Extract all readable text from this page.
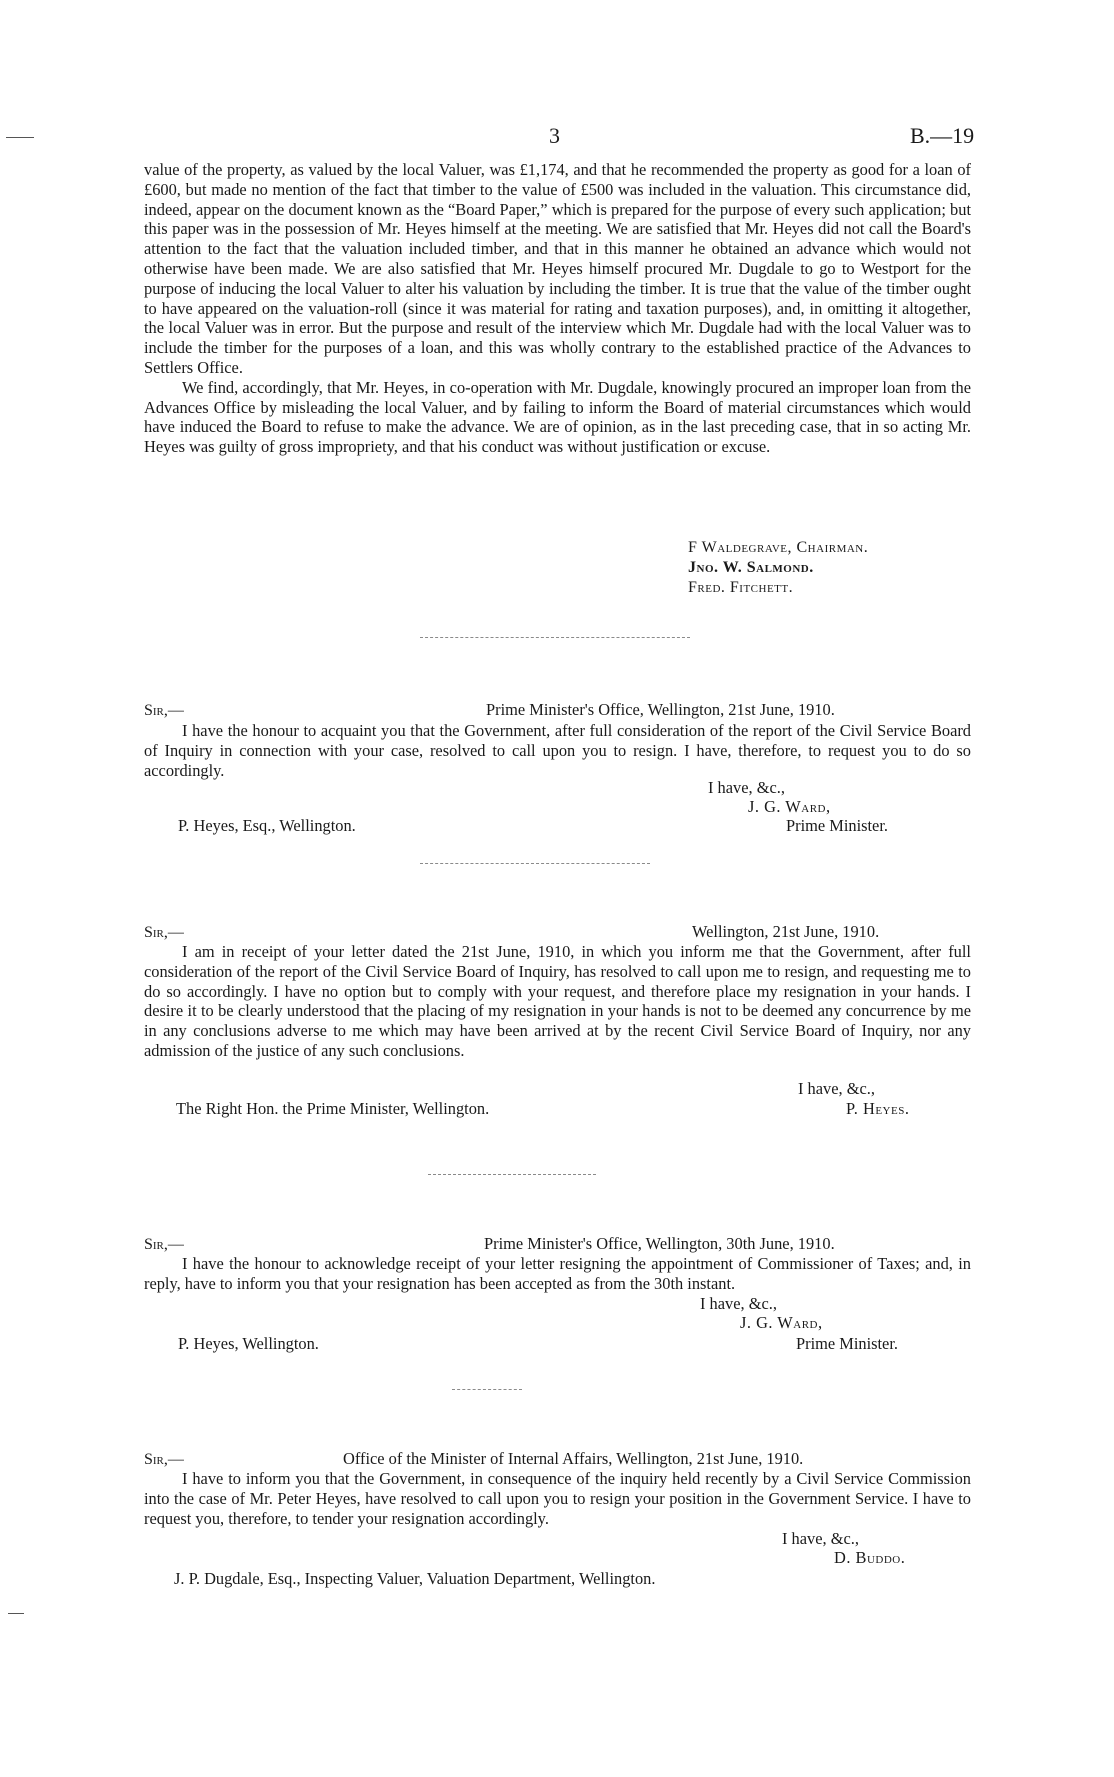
3	B.—19

value of the property, as valued by the local Valuer, was £1,174, and that he recommended the property as good for a loan of £600, but made no mention of the fact that timber to the value of £500 was included in the valuation. This circumstance did, indeed, appear on the document known as the “Board Paper,” which is prepared for the purpose of every such application; but this paper was in the possession of Mr. Heyes himself at the meeting. We are satisfied that Mr. Heyes did not call the Board's attention to the fact that the valuation included timber, and that in this manner he obtained an advance which would not otherwise have been made. We are also satisfied that Mr. Heyes himself procured Mr. Dugdale to go to Westport for the purpose of inducing the local Valuer to alter his valuation by including the timber. It is true that the value of the timber ought to have appeared on the valuation-roll (since it was material for rating and taxation purposes), and, in omitting it altogether, the local Valuer was in error. But the purpose and result of the interview which Mr. Dugdale had with the local Valuer was to include the timber for the purposes of a loan, and this was wholly contrary to the established practice of the Advances to Settlers Office.

We find, accordingly, that Mr. Heyes, in co-operation with Mr. Dugdale, knowingly procured an improper loan from the Advances Office by misleading the local Valuer, and by failing to inform the Board of material circumstances which would have induced the Board to refuse to make the advance. We are of opinion, as in the last preceding case, that in so acting Mr. Heyes was guilty of gross impropriety, and that his conduct was without justification or excuse.

F Waldegrave, Chairman.
Jno. W. Salmond.
Fred. Fitchett.
Sir,—	Prime Minister's Office, Wellington, 21st June, 1910.

I have the honour to acquaint you that the Government, after full consideration of the report of the Civil Service Board of Inquiry in connection with your case, resolved to call upon you to resign. I have, therefore, to request you to do so accordingly.

I have, &c.,
J. G. Ward,
Prime Minister.
P. Heyes, Esq., Wellington.
Sir,—	Wellington, 21st June, 1910.

I am in receipt of your letter dated the 21st June, 1910, in which you inform me that the Government, after full consideration of the report of the Civil Service Board of Inquiry, has resolved to call upon me to resign, and requesting me to do so accordingly. I have no option but to comply with your request, and therefore place my resignation in your hands. I desire it to be clearly understood that the placing of my resignation in your hands is not to be deemed any concurrence by me in any conclusions adverse to me which may have been arrived at by the recent Civil Service Board of Inquiry, nor any admission of the justice of any such conclusions.

I have, &c.,
The Right Hon. the Prime Minister, Wellington.	P. Heyes.
Sir,—	Prime Minister's Office, Wellington, 30th June, 1910.

I have the honour to acknowledge receipt of your letter resigning the appointment of Commissioner of Taxes; and, in reply, have to inform you that your resignation has been accepted as from the 30th instant.

I have, &c.,
J. G. Ward,
Prime Minister.
P. Heyes, Wellington.
Sir,—	Office of the Minister of Internal Affairs, Wellington, 21st June, 1910.

I have to inform you that the Government, in consequence of the inquiry held recently by a Civil Service Commission into the case of Mr. Peter Heyes, have resolved to call upon you to resign your position in the Government Service. I have to request you, therefore, to tender your resignation accordingly.

I have, &c.,
D. Buddo.
J. P. Dugdale, Esq., Inspecting Valuer, Valuation Department, Wellington.
